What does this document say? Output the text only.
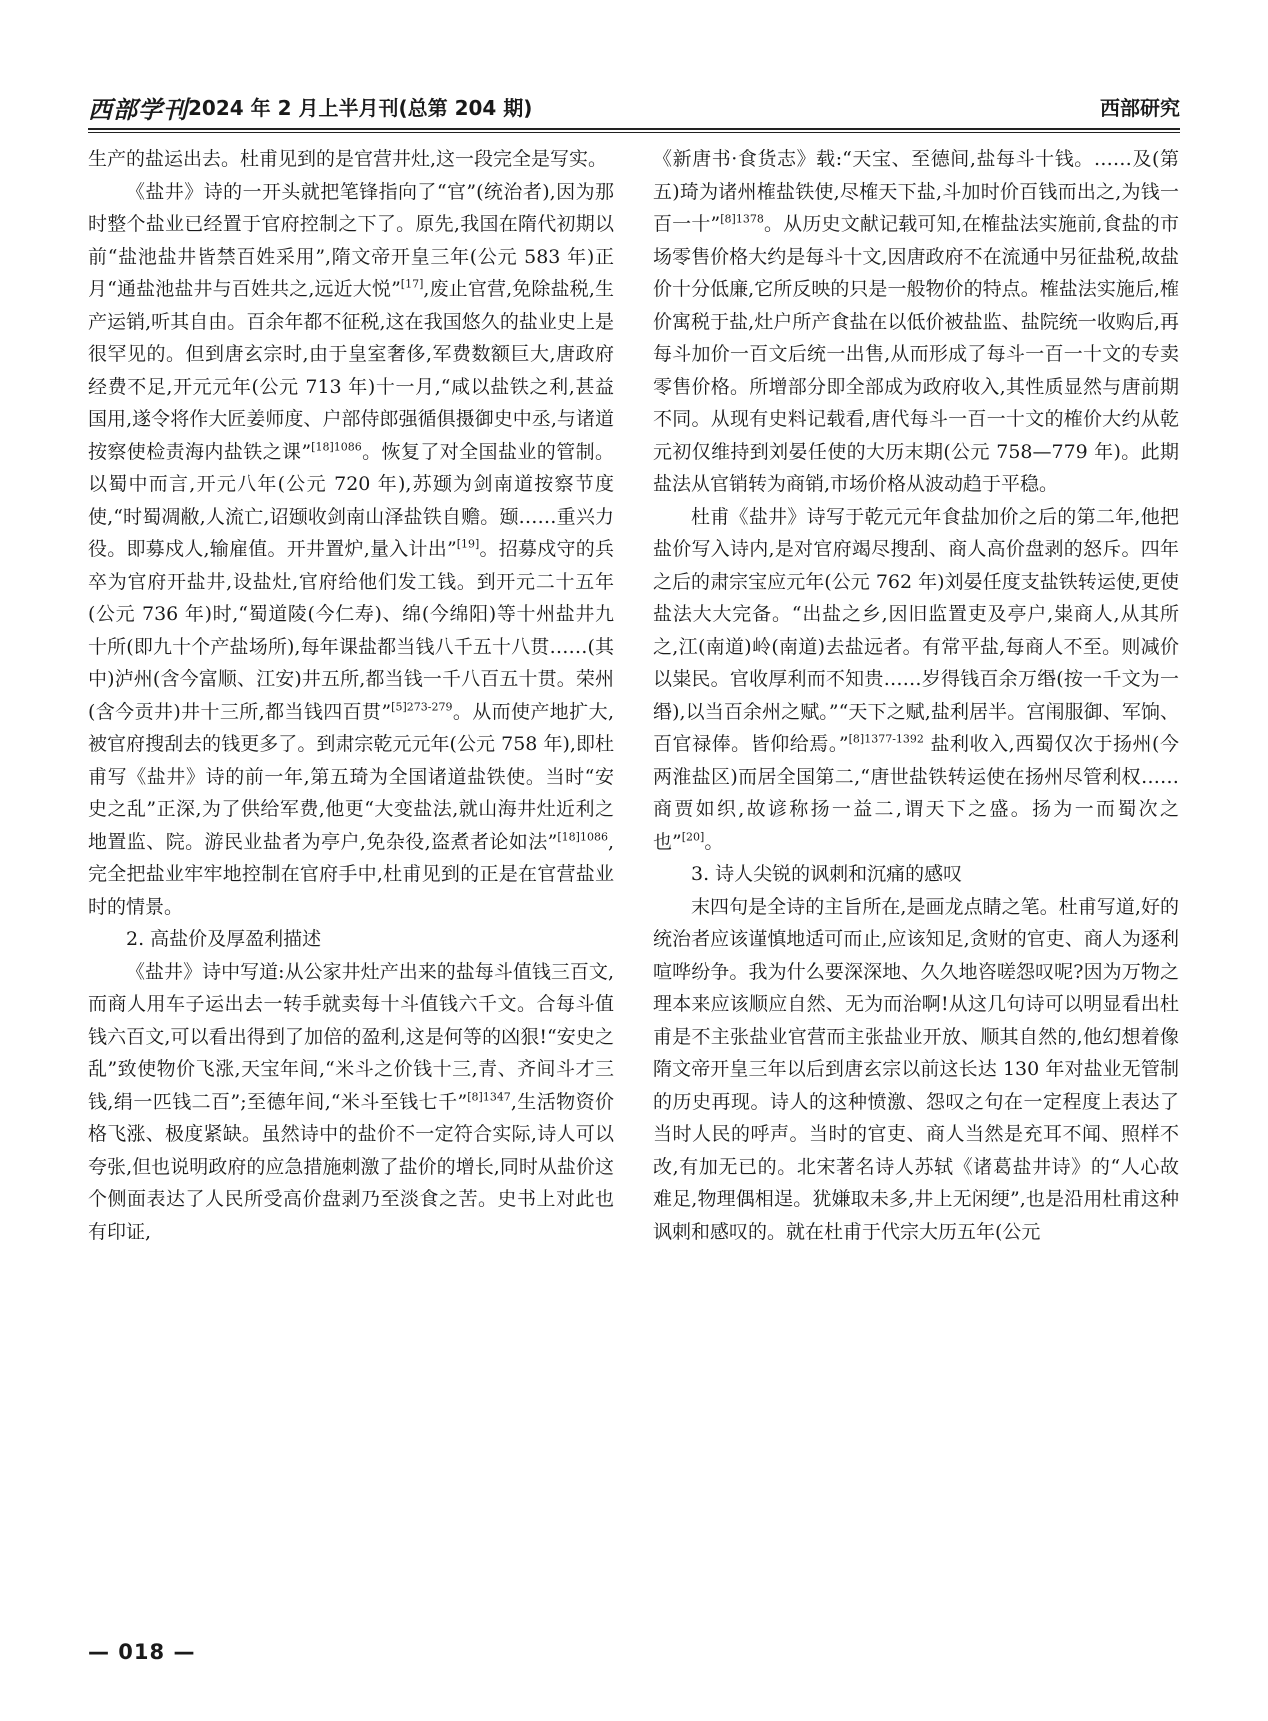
西部学刊 2024 年 2 月上半月刊(总第 204 期)	西部研究

生产的盐运出去。杜甫见到的是官营井灶,这一段完全是写实。

《盐井》诗的一开头就把笔锋指向了“官”(统治者),因为那时整个盐业已经置于官府控制之下了。原先,我国在隋代初期以前“盐池盐井皆禁百姓采用”,隋文帝开皇三年(公元 583 年)正月“通盐池盐井与百姓共之,远近大悦”[17],废止官营,免除盐税,生产运销,听其自由。百余年都不征税,这在我国悠久的盐业史上是很罕见的。但到唐玄宗时,由于皇室奢侈,军费数额巨大,唐政府经费不足,开元元年(公元 713 年)十一月,“咸以盐铁之利,甚益国用,遂令将作大匠姜师度、户部侍郎强循俱摄御史中丞,与诸道按察使检责海内盐铁之课”$^{[18]1086}$。恢复了对全国盐业的管制。以蜀中而言,开元八年(公元 720 年),苏颋为剑南道按察节度使,“时蜀凋敝,人流亡,诏颋收剑南山泽盐铁自赡。颋……重兴力役。即募戍人,输雇值。开井置炉,量入计出”[19]。招募戍守的兵卒为官府开盐井,设盐灶,官府给他们发工钱。到开元二十五年(公元 736 年)时,“蜀道陵(今仁寿)、绵(今绵阳)等十州盐井九十所(即九十个产盐场所),每年课盐都当钱八千五十八贯……(其中)泸州(含今富顺、江安)井五所,都当钱一千八百五十贯。荣州(含今贡井)井十三所,都当钱四百贯”$^{[5]273-279}$。从而使产地扩大,被官府搜刮去的钱更多了。到肃宗乾元元年(公元 758 年),即杜甫写《盐井》诗的前一年,第五琦为全国诸道盐铁使。当时“安史之乱”正深,为了供给军费,他更“大变盐法,就山海井灶近利之地置监、院。游民业盐者为亭户,免杂役,盗煮者论如法”$^{[18]1086}$,完全把盐业牢牢地控制在官府手中,杜甫见到的正是在官营盐业时的情景。

2. 高盐价及厚盈利描述

《盐井》诗中写道:从公家井灶产出来的盐每斗值钱三百文,而商人用车子运出去一转手就卖每十斗值钱六千文。合每斗值钱六百文,可以看出得到了加倍的盈利,这是何等的凶狠!“安史之乱”致使物价飞涨,天宝年间,“米斗之价钱十三,青、齐间斗才三钱,绢一匹钱二百”;至德年间,“米斗至钱七千”$^{[8]1347}$,生活物资价格飞涨、极度紧缺。虽然诗中的盐价不一定符合实际,诗人可以夸张,但也说明政府的应急措施刺激了盐价的增长,同时从盐价这个侧面表达了人民所受高价盘剥乃至淡食之苦。史书上对此也有印证,

《新唐书·食货志》载:“天宝、至德间,盐每斗十钱。……及(第五)琦为诸州榷盐铁使,尽榷天下盐,斗加时价百钱而出之,为钱一百一十”$^{[8]1378}$。从历史文献记载可知,在榷盐法实施前,食盐的市场零售价格大约是每斗十文,因唐政府不在流通中另征盐税,故盐价十分低廉,它所反映的只是一般物价的特点。榷盐法实施后,榷价寓税于盐,灶户所产食盐在以低价被盐监、盐院统一收购后,再每斗加价一百文后统一出售,从而形成了每斗一百一十文的专卖零售价格。所增部分即全部成为政府收入,其性质显然与唐前期不同。从现有史料记载看,唐代每斗一百一十文的榷价大约从乾元初仅维持到刘晏任使的大历末期(公元 758—779 年)。此期盐法从官销转为商销,市场价格从波动趋于平稳。

杜甫《盐井》诗写于乾元元年食盐加价之后的第二年,他把盐价写入诗内,是对官府竭尽搜刮、商人高价盘剥的怒斥。四年之后的肃宗宝应元年(公元 762 年)刘晏任度支盐铁转运使,更使盐法大大完备。“出盐之乡,因旧监置吏及亭户,粜商人,从其所之,江(南道)岭(南道)去盐远者。有常平盐,每商人不至。则减价以粜民。官收厚利而不知贵……岁得钱百余万缗(按一千文为一缗),以当百余州之赋。”“天下之赋,盐利居半。宫闱服御、军饷、百官禄俸。皆仰给焉。”$^{[8]1377-1392}$ 盐利收入,西蜀仅次于扬州(今两淮盐区)而居全国第二,“唐世盐铁转运使在扬州尽管利权……商贾如织,故谚称扬一益二,谓天下之盛。扬为一而蜀次之也”[20]。

3. 诗人尖锐的讽刺和沉痛的感叹

末四句是全诗的主旨所在,是画龙点睛之笔。杜甫写道,好的统治者应该谨慎地适可而止,应该知足,贪财的官吏、商人为逐利喧哗纷争。我为什么要深深地、久久地咨嗟怨叹呢?因为万物之理本来应该顺应自然、无为而治啊!从这几句诗可以明显看出杜甫是不主张盐业官营而主张盐业开放、顺其自然的,他幻想着像隋文帝开皇三年以后到唐玄宗以前这长达 130 年对盐业无管制的历史再现。诗人的这种愤激、怨叹之句在一定程度上表达了当时人民的呼声。当时的官吏、商人当然是充耳不闻、照样不改,有加无已的。北宋著名诗人苏轼《诸葛盐井诗》的“人心故难足,物理偶相逞。犹嫌取未多,井上无闲绠”,也是沿用杜甫这种讽刺和感叹的。就在杜甫于代宗大历五年(公元

— 018 —
